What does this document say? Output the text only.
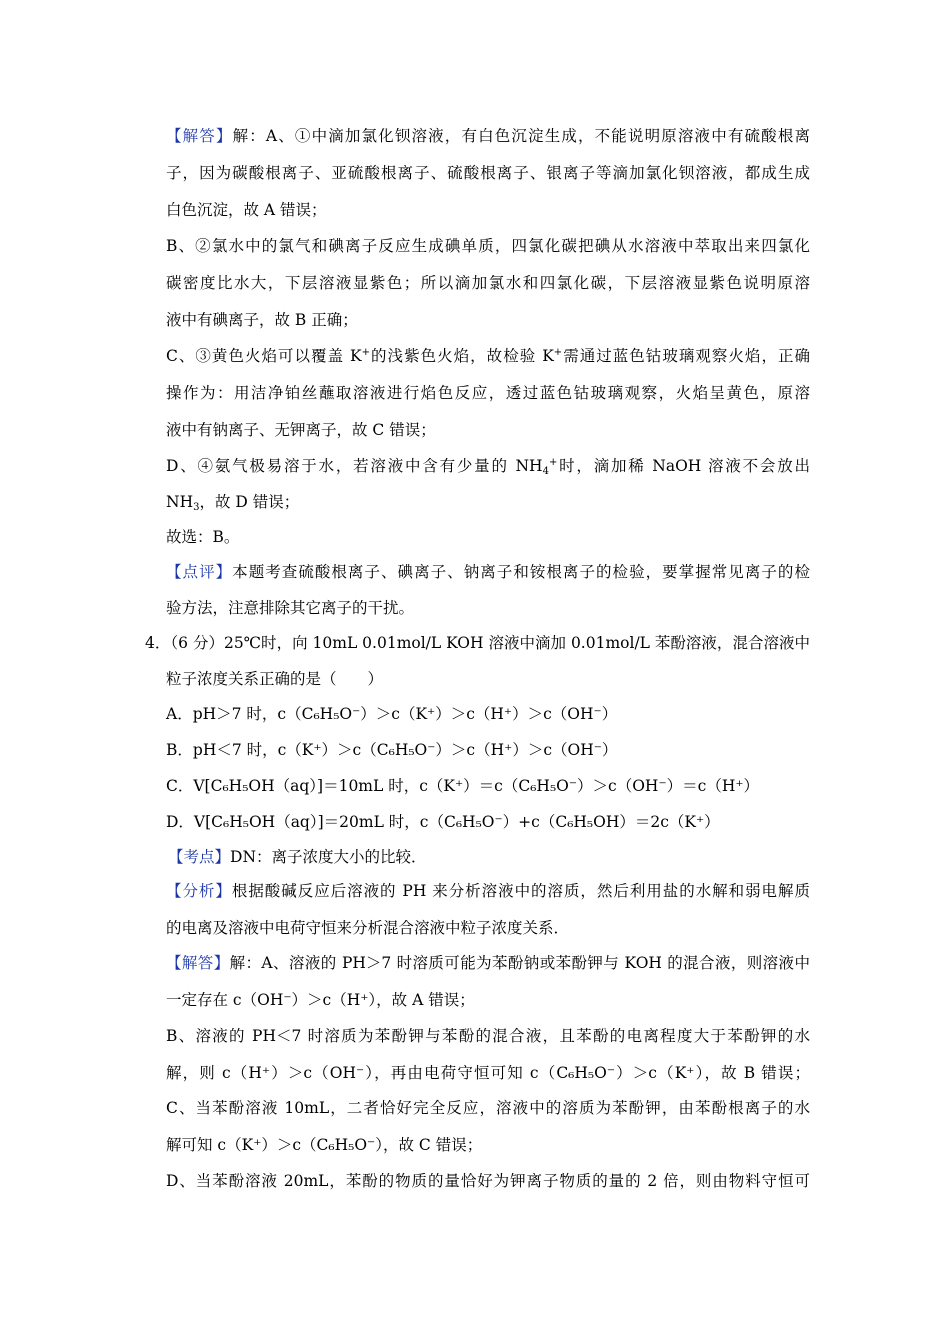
【解答】解：A、①中滴加氯化钡溶液，有白色沉淀生成，不能说明原溶液中有硫酸根离
子，因为碳酸根离子、亚硫酸根离子、硫酸根离子、银离子等滴加氯化钡溶液，都成生成
白色沉淀，故 A 错误；
B、②氯水中的氯气和碘离子反应生成碘单质，四氯化碳把碘从水溶液中萃取出来四氯化
碳密度比水大，下层溶液显紫色；所以滴加氯水和四氯化碳，下层溶液显紫色说明原溶
液中有碘离子，故 B 正确；
C、③黄色火焰可以覆盖 K+的浅紫色火焰，故检验 K+需通过蓝色钴玻璃观察火焰，正确
操作为：用洁净铂丝蘸取溶液进行焰色反应，透过蓝色钴玻璃观察，火焰呈黄色，原溶
液中有钠离子、无钾离子，故 C 错误；
D、④氨气极易溶于水，若溶液中含有少量的 $NH_4^+$时，滴加稀 NaOH 溶液不会放出
$NH_3$，故 D 错误；
故选：B。
【点评】本题考查硫酸根离子、碘离子、钠离子和铵根离子的检验，要掌握常见离子的检
验方法，注意排除其它离子的干扰。
4．（6 分）25℃时，向 10mL 0.01mol/L KOH 溶液中滴加 0.01mol/L 苯酚溶液，混合溶液中
粒子浓度关系正确的是（　　）
A．pH＞7 时，c（C₆H₅O⁻）＞c（K⁺）＞c（H⁺）＞c（OH⁻）
B．pH＜7 时，c（K⁺）＞c（C₆H₅O⁻）＞c（H⁺）＞c（OH⁻）
C．V[C₆H₅OH（aq）]＝10mL 时，c（K⁺）＝c（C₆H₅O⁻）＞c（OH⁻）＝c（H⁺）
D．V[C₆H₅OH（aq）]＝20mL 时，c（C₆H₅O⁻）+c（C₆H₅OH）＝2c（K⁺）
【考点】DN：离子浓度大小的比较．
【分析】根据酸碱反应后溶液的 PH 来分析溶液中的溶质，然后利用盐的水解和弱电解质
的电离及溶液中电荷守恒来分析混合溶液中粒子浓度关系．
【解答】解：A、溶液的 PH＞7 时溶质可能为苯酚钠或苯酚钾与 KOH 的混合液，则溶液中
一定存在 c（OH⁻）＞c（H⁺），故 A 错误；
B、溶液的 PH＜7 时溶质为苯酚钾与苯酚的混合液，且苯酚的电离程度大于苯酚钾的水
解，则 c（H⁺）＞c（OH⁻），再由电荷守恒可知 c（C₆H₅O⁻）＞c（K⁺），故 B 错误；
C、当苯酚溶液 10mL，二者恰好完全反应，溶液中的溶质为苯酚钾，由苯酚根离子的水
解可知 c（K⁺）＞c（C₆H₅O⁻），故 C 错误；
D、当苯酚溶液 20mL，苯酚的物质的量恰好为钾离子物质的量的 2 倍，则由物料守恒可
